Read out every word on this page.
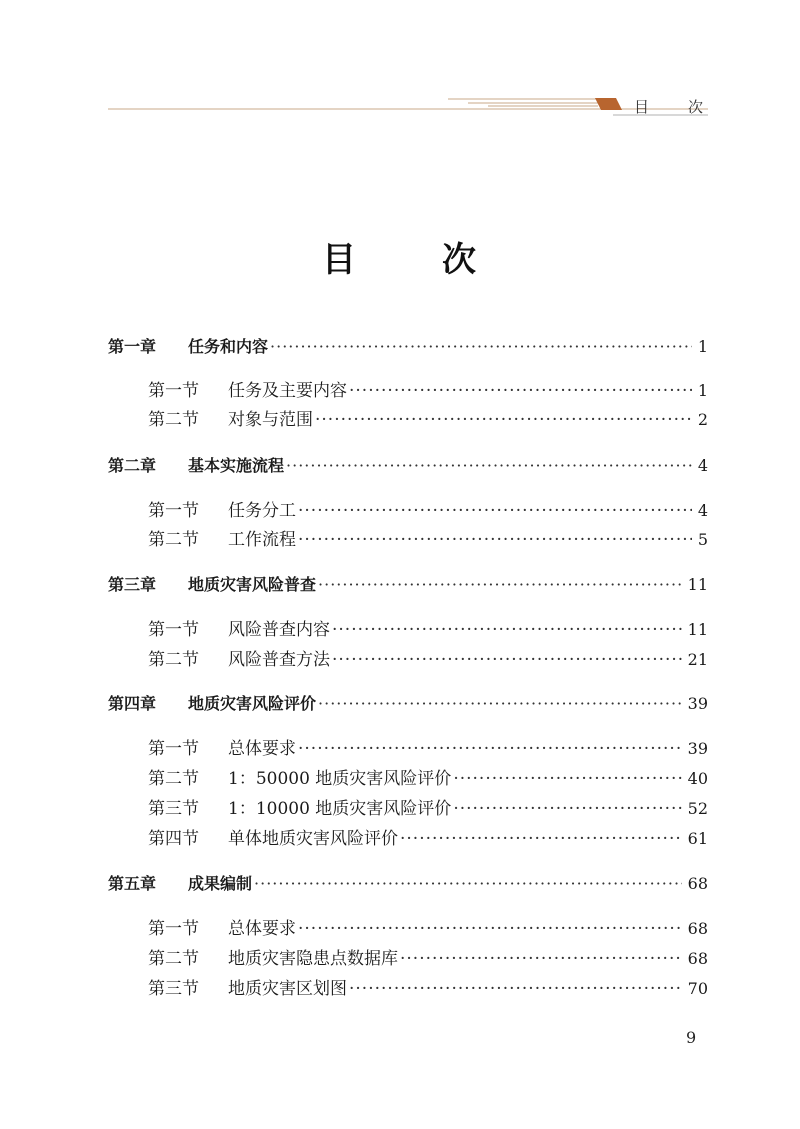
目	次
目	次
第一章	任务和内容 ·····	1
第一节	任务及主要内容 ·····	1
第二节	对象与范围 ·····	2
第二章	基本实施流程 ·····	4
第一节	任务分工 ·····	4
第二节	工作流程 ·····	5
第三章	地质灾害风险普查 ·····	11
第一节	风险普查内容 ·····	11
第二节	风险普查方法 ·····	21
第四章	地质灾害风险评价 ·····	39
第一节	总体要求 ·····	39
第二节	1：50000 地质灾害风险评价 ·····	40
第三节	1：10000 地质灾害风险评价 ·····	52
第四节	单体地质灾害风险评价 ·····	61
第五章	成果编制 ·····	68
第一节	总体要求 ·····	68
第二节	地质灾害隐患点数据库 ·····	68
第三节	地质灾害区划图 ·····	70
9
